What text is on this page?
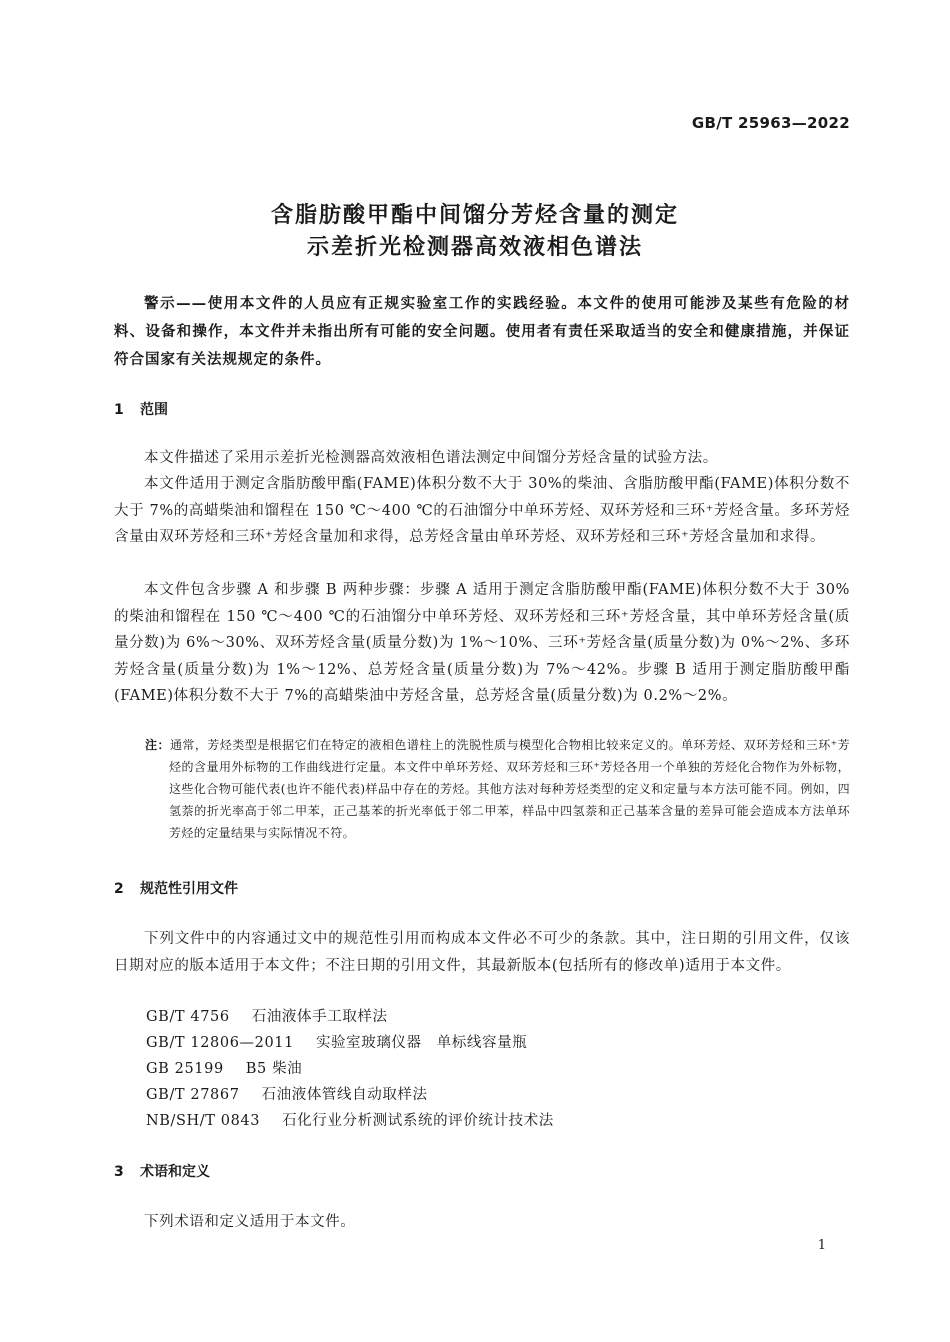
GB/T 25963—2022
含脂肪酸甲酯中间馏分芳烃含量的测定
示差折光检测器高效液相色谱法
警示——使用本文件的人员应有正规实验室工作的实践经验。本文件的使用可能涉及某些有危险的材料、设备和操作，本文件并未指出所有可能的安全问题。使用者有责任采取适当的安全和健康措施，并保证符合国家有关法规规定的条件。
1 范围
本文件描述了采用示差折光检测器高效液相色谱法测定中间馏分芳烃含量的试验方法。
本文件适用于测定含脂肪酸甲酯(FAME)体积分数不大于 30%的柴油、含脂肪酸甲酯(FAME)体积分数不大于 7%的高蜡柴油和馏程在 150 ℃～400 ℃的石油馏分中单环芳烃、双环芳烃和三环⁺芳烃含量。多环芳烃含量由双环芳烃和三环⁺芳烃含量加和求得，总芳烃含量由单环芳烃、双环芳烃和三环⁺芳烃含量加和求得。
本文件包含步骤 A 和步骤 B 两种步骤：步骤 A 适用于测定含脂肪酸甲酯(FAME)体积分数不大于 30%的柴油和馏程在 150 ℃～400 ℃的石油馏分中单环芳烃、双环芳烃和三环⁺芳烃含量，其中单环芳烃含量(质量分数)为 6%～30%、双环芳烃含量(质量分数)为 1%～10%、三环⁺芳烃含量(质量分数)为 0%～2%、多环芳烃含量(质量分数)为 1%～12%、总芳烃含量(质量分数)为 7%～42%。步骤 B 适用于测定脂肪酸甲酯(FAME)体积分数不大于 7%的高蜡柴油中芳烃含量，总芳烃含量(质量分数)为 0.2%～2%。
注：通常，芳烃类型是根据它们在特定的液相色谱柱上的洗脱性质与模型化合物相比较来定义的。单环芳烃、双环芳烃和三环⁺芳烃的含量用外标物的工作曲线进行定量。本文件中单环芳烃、双环芳烃和三环⁺芳烃各用一个单独的芳烃化合物作为外标物，这些化合物可能代表(也许不能代表)样品中存在的芳烃。其他方法对每种芳烃类型的定义和定量与本方法可能不同。例如，四氢萘的折光率高于邻二甲苯，正己基苯的折光率低于邻二甲苯，样品中四氢萘和正己基苯含量的差异可能会造成本方法单环芳烃的定量结果与实际情况不符。
2 规范性引用文件
下列文件中的内容通过文中的规范性引用而构成本文件必不可少的条款。其中，注日期的引用文件，仅该日期对应的版本适用于本文件；不注日期的引用文件，其最新版本(包括所有的修改单)适用于本文件。
GB/T 4756 石油液体手工取样法
GB/T 12806—2011 实验室玻璃仪器　单标线容量瓶
GB 25199 B5 柴油
GB/T 27867 石油液体管线自动取样法
NB/SH/T 0843 石化行业分析测试系统的评价统计技术法
3 术语和定义
下列术语和定义适用于本文件。
1
